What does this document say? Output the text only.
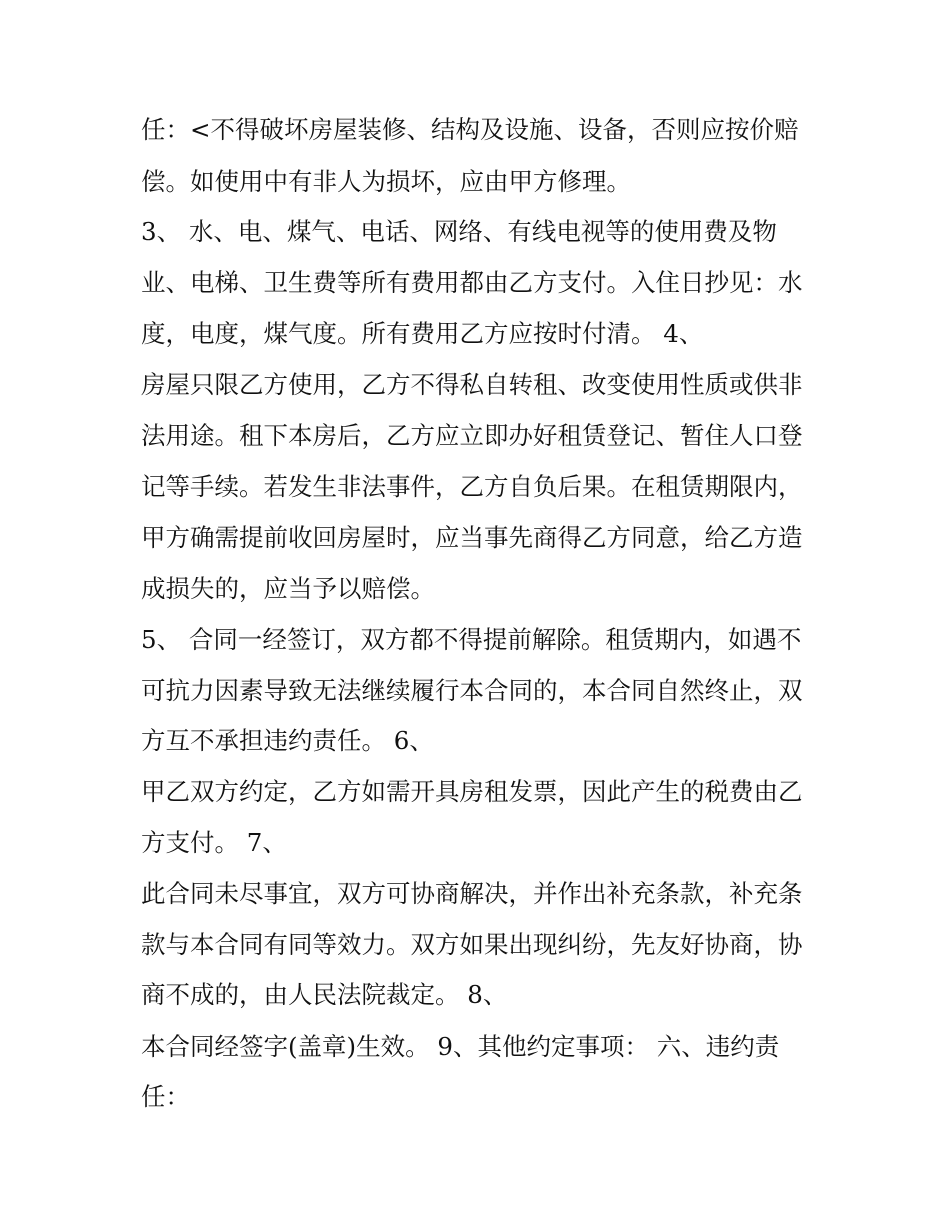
任：<不得破坏房屋装修、结构及设施、设备，否则应按价赔
偿。如使用中有非人为损坏，应由甲方修理。
3、 水、电、煤气、电话、网络、有线电视等的使用费及物
业、电梯、卫生费等所有费用都由乙方支付。入住日抄见：水
度，电度，煤气度。所有费用乙方应按时付清。 4、
房屋只限乙方使用，乙方不得私自转租、改变使用性质或供非
法用途。租下本房后，乙方应立即办好租赁登记、暂住人口登
记等手续。若发生非法事件，乙方自负后果。在租赁期限内，
甲方确需提前收回房屋时，应当事先商得乙方同意，给乙方造
成损失的，应当予以赔偿。
5、 合同一经签订，双方都不得提前解除。租赁期内，如遇不
可抗力因素导致无法继续履行本合同的，本合同自然终止，双
方互不承担违约责任。 6、
甲乙双方约定，乙方如需开具房租发票，因此产生的税费由乙
方支付。 7、
此合同未尽事宜，双方可协商解决，并作出补充条款，补充条
款与本合同有同等效力。双方如果出现纠纷，先友好协商，协
商不成的，由人民法院裁定。 8、
本合同经签字(盖章)生效。 9、其他约定事项： 六、违约责
任：
